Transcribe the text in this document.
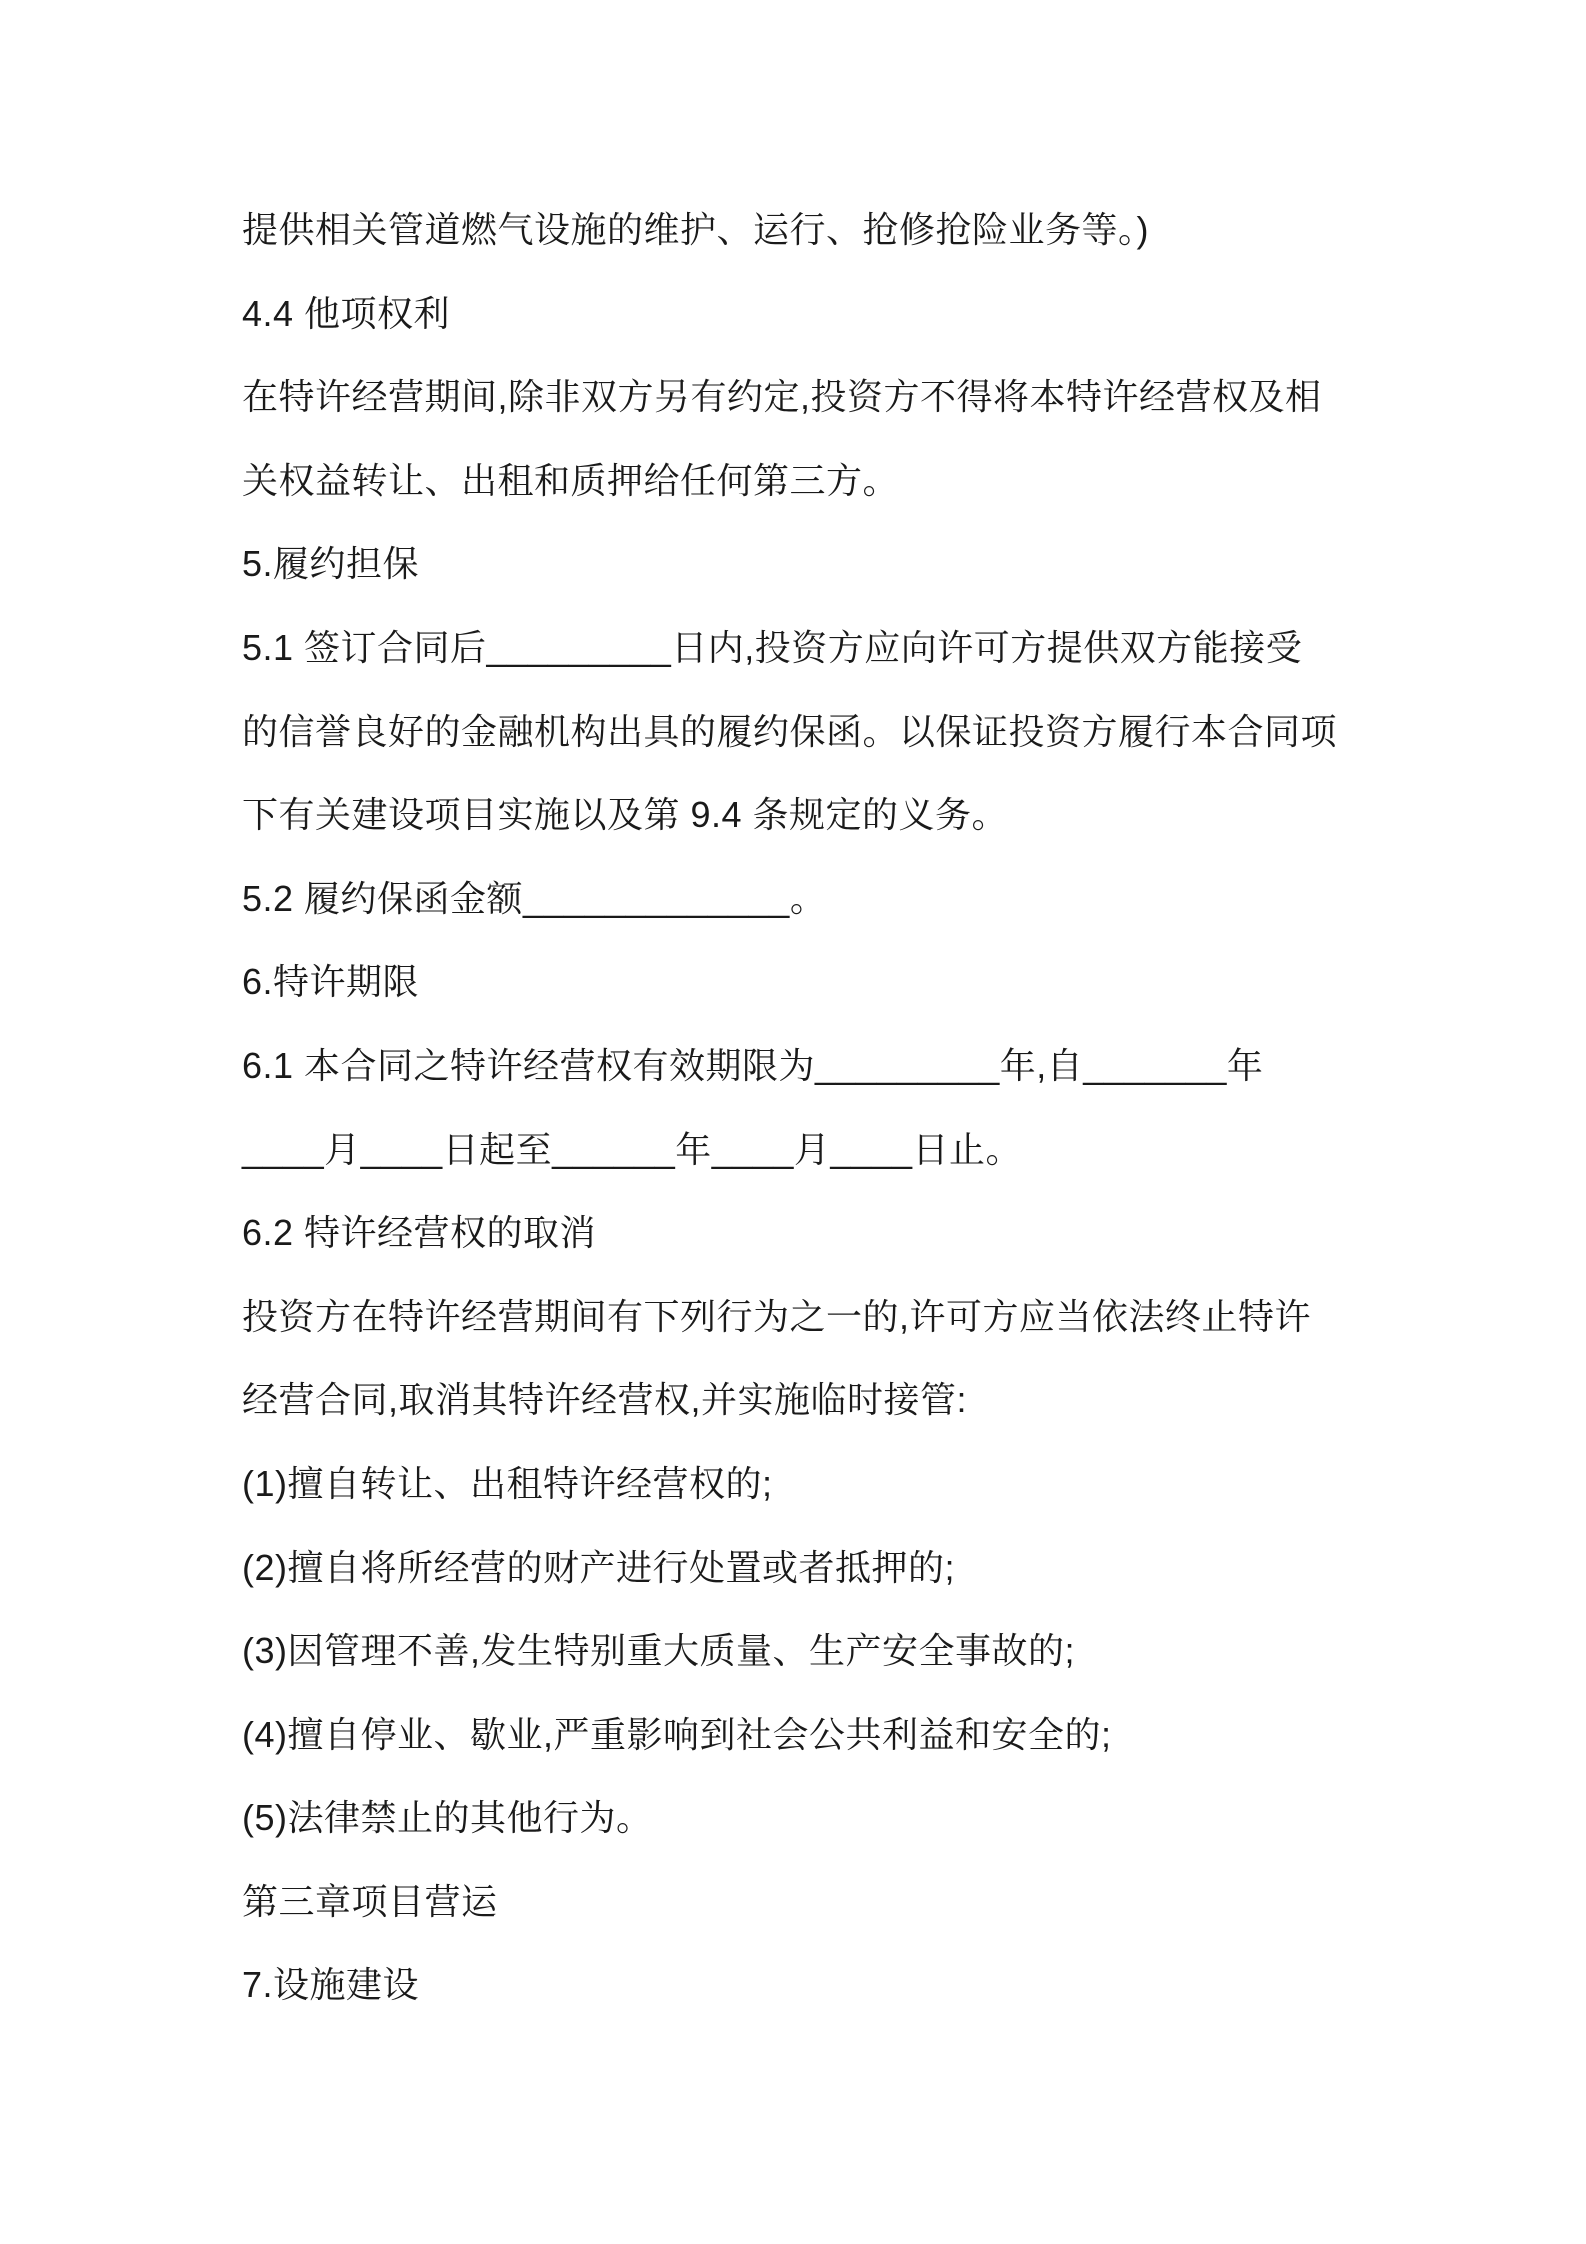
提供相关管道燃气设施的维护、运行、抢修抢险业务等。)

4.4 他项权利

在特许经营期间,除非双方另有约定,投资方不得将本特许经营权及相

关权益转让、出租和质押给任何第三方。

5.履约担保

5.1 签订合同后_________日内,投资方应向许可方提供双方能接受

的信誉良好的金融机构出具的履约保函。以保证投资方履行本合同项

下有关建设项目实施以及第 9.4 条规定的义务。

5.2 履约保函金额_____________。

6.特许期限

6.1 本合同之特许经营权有效期限为_________年,自_______年

____月____日起至______年____月____日止。

6.2 特许经营权的取消

投资方在特许经营期间有下列行为之一的,许可方应当依法终止特许

经营合同,取消其特许经营权,并实施临时接管:

(1)擅自转让、出租特许经营权的;

(2)擅自将所经营的财产进行处置或者抵押的;

(3)因管理不善,发生特别重大质量、生产安全事故的;

(4)擅自停业、歇业,严重影响到社会公共利益和安全的;

(5)法律禁止的其他行为。

第三章项目营运

7.设施建设
